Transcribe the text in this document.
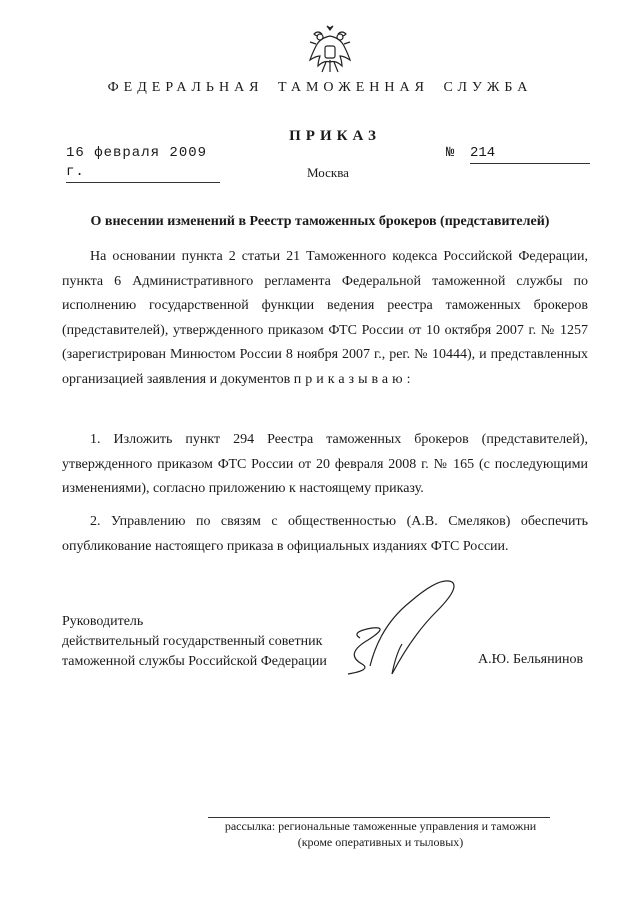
ФЕДЕРАЛЬНАЯ ТАМОЖЕННАЯ СЛУЖБА
ПРИКАЗ
16 февраля 2009 г.
№ 214
Москва
О внесении изменений в Реестр таможенных брокеров (представителей)

На основании пункта 2 статьи 21 Таможенного кодекса Российской Федерации, пункта 6 Административного регламента Федеральной таможенной службы по исполнению государственной функции ведения реестра таможенных брокеров (представителей), утвержденного приказом ФТС России от 10 октября 2007 г. № 1257 (зарегистрирован Минюстом России 8 ноября 2007 г., рег. № 10444), и представленных организацией заявления и документов приказываю:

1. Изложить пункт 294 Реестра таможенных брокеров (представителей), утвержденного приказом ФТС России от 20 февраля 2008 г. № 165 (с последующими изменениями), согласно приложению к настоящему приказу.

2. Управлению по связям с общественностью (А.В. Смеляков) обеспечить опубликование настоящего приказа в официальных изданиях ФТС России.

Руководитель
действительный государственный советник
таможенной службы Российской Федерации	А.Ю. Бельянинов
рассылка: региональные таможенные управления и таможни
(кроме оперативных и тыловых)
